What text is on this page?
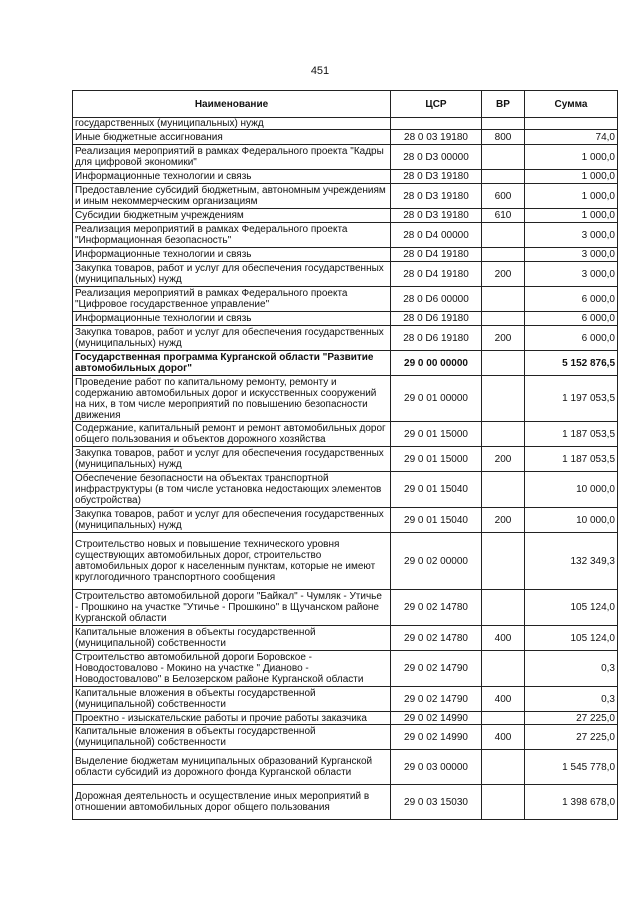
451
Наименование	ЦСР	ВР	Сумма
государственных (муниципальных) нужд			
Иные бюджетные ассигнования	28 0 03 19180	800	74,0
Реализация мероприятий в рамках Федерального проекта "Кадры для цифровой экономики"	28 0 D3 00000		1 000,0
Информационные технологии и связь	28 0 D3 19180		1 000,0
Предоставление субсидий бюджетным, автономным учреждениям и иным некоммерческим организациям	28 0 D3 19180	600	1 000,0
Субсидии бюджетным учреждениям	28 0 D3 19180	610	1 000,0
Реализация мероприятий в рамках Федерального проекта "Информационная безопасность"	28 0 D4 00000		3 000,0
Информационные технологии и связь	28 0 D4 19180		3 000,0
Закупка товаров, работ и услуг для обеспечения государственных (муниципальных) нужд	28 0 D4 19180	200	3 000,0
Реализация мероприятий в рамках Федерального проекта "Цифровое государственное управление"	28 0 D6 00000		6 000,0
Информационные технологии и связь	28 0 D6 19180		6 000,0
Закупка товаров, работ и услуг для обеспечения государственных (муниципальных) нужд	28 0 D6 19180	200	6 000,0
Государственная программа Курганской области "Развитие автомобильных дорог"	29 0 00 00000		5 152 876,5
Проведение работ по капитальному ремонту, ремонту и содержанию автомобильных дорог и искусственных сооружений на них, в том числе мероприятий по повышению безопасности движения	29 0 01 00000		1 197 053,5
Содержание, капитальный ремонт и ремонт автомобильных дорог общего пользования и объектов дорожного хозяйства	29 0 01 15000		1 187 053,5
Закупка товаров, работ и услуг для обеспечения государственных (муниципальных) нужд	29 0 01 15000	200	1 187 053,5
Обеспечение безопасности на объектах транспортной инфраструктуры (в том числе установка недостающих элементов обустройства)	29 0 01 15040		10 000,0
Закупка товаров, работ и услуг для обеспечения государственных (муниципальных) нужд	29 0 01 15040	200	10 000,0
Строительство новых и повышение технического уровня существующих автомобильных дорог, строительство автомобильных дорог к населенным пунктам, которые не имеют круглогодичного транспортного сообщения	29 0 02 00000		132 349,3
Строительство автомобильной дороги "Байкал" - Чумляк - Утичье - Прошкино на участке "Утичье - Прошкино" в Щучанском районе Курганской области	29 0 02 14780		105 124,0
Капитальные вложения в объекты государственной (муниципальной) собственности	29 0 02 14780	400	105 124,0
Строительство автомобильной дороги Боровское - Новодостовалово - Мокино на участке " Дианово - Новодостовалово" в Белозерском районе Курганской области	29 0 02 14790		0,3
Капитальные вложения в объекты государственной (муниципальной) собственности	29 0 02 14790	400	0,3
Проектно - изыскательские работы и прочие работы заказчика	29 0 02 14990		27 225,0
Капитальные вложения в объекты государственной (муниципальной) собственности	29 0 02 14990	400	27 225,0
Выделение бюджетам муниципальных образований Курганской области субсидий из дорожного фонда Курганской области	29 0 03 00000		1 545 778,0
Дорожная деятельность и осуществление иных мероприятий в отношении автомобильных дорог общего пользования	29 0 03 15030		1 398 678,0
